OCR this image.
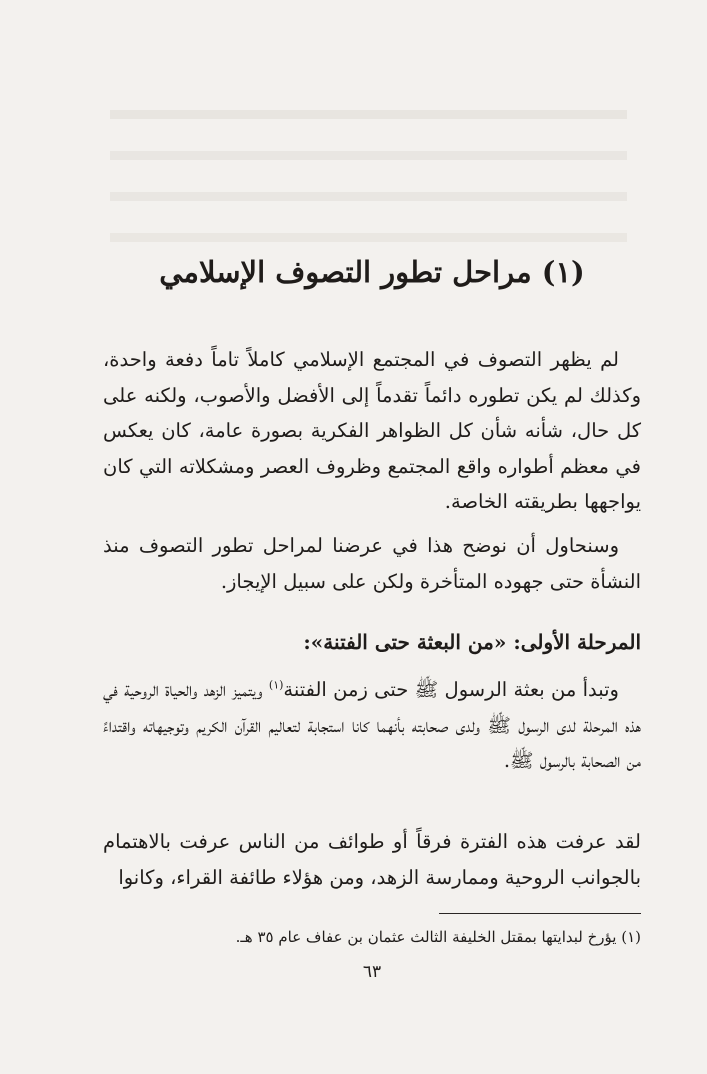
(١) مراحل تطور التصوف الإسلامي
لم يظهر التصوف في المجتمع الإسلامي كاملاً تاماً دفعة واحدة، وكذلك لم يكن تطوره دائماً تقدماً إلى الأفضل والأصوب، ولكنه على كل حال، شأنه شأن كل الظواهر الفكرية بصورة عامة، كان يعكس في معظم أطواره واقع المجتمع وظروف العصر ومشكلاته التي كان يواجهها بطريقته الخاصة.
وسنحاول أن نوضح هذا في عرضنا لمراحل تطور التصوف منذ النشأة حتى جهوده المتأخرة ولكن على سبيل الإيجاز.
المرحلة الأولى: «من البعثة حتى الفتنة»:
وتبدأ من بعثة الرسول ﷺ حتى زمن الفتنة$^{(١)}$ ويتميز الزهد والحياة الروحية في هذه المرحلة لدى الرسول ﷺ ولدى صحابته بأنهما كانا استجابة لتعاليم القرآن الكريم وتوجيهاته واقتداءً من الصحابة بالرسول ﷺ.
لقد عرفت هذه الفترة فرقاً أو طوائف من الناس عرفت بالاهتمام بالجوانب الروحية وممارسة الزهد، ومن هؤلاء طائفة القراء، وكانوا
(١) يؤرخ لبدايتها بمقتل الخليفة الثالث عثمان بن عفاف عام ٣٥ هـ.
٦٣
